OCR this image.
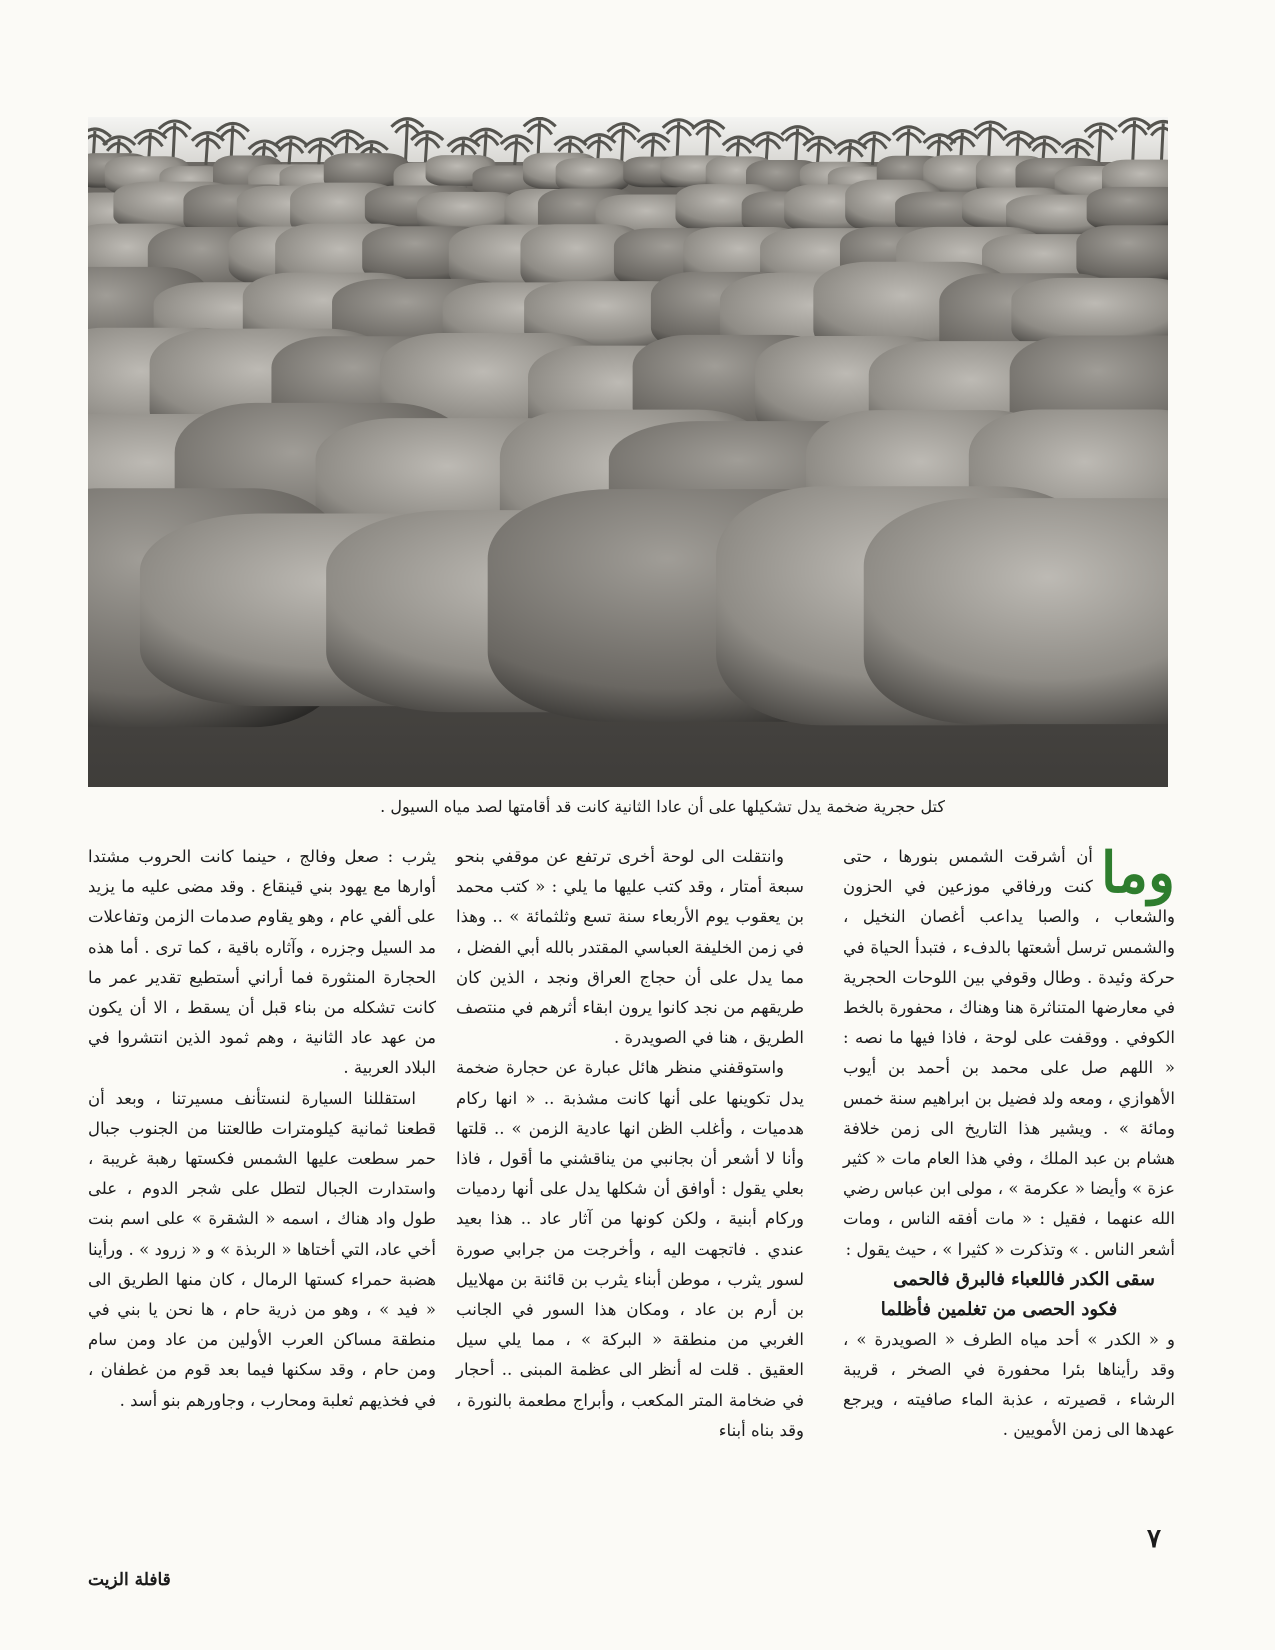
كتل حجرية ضخمة يدل تشكيلها على أن عادا الثانية كانت قد أقامتها لصد مياه السيول .
وما

أن أشرقت الشمس بنورها ، حتى كنت ورفاقي موزعين في الحزون والشعاب ، والصبا يداعب أغصان النخيل ، والشمس ترسل أشعتها بالدفء ، فتبدأ الحياة في حركة وئيدة . وطال وقوفي بين اللوحات الحجرية في معارضها المتناثرة هنا وهناك ، محفورة بالخط الكوفي . ووقفت على لوحة ، فاذا فيها ما نصه : « اللهم صل على محمد بن أحمد بن أيوب الأهوازي ، ومعه ولد فضيل بن ابراهيم سنة خمس ومائة » . ويشير هذا التاريخ الى زمن خلافة هشام بن عبد الملك ، وفي هذا العام مات « كثير عزة » وأيضا « عكرمة » ، مولى ابن عباس رضي الله عنهما ، فقيل : « مات أفقه الناس ، ومات أشعر الناس . » وتذكرت « كثيرا » ، حيث يقول :

سقى الكدر فاللعباء فالبرق فالحمى

فكود الحصى من تغلمين فأظلما

و « الكدر » أحد مياه الطرف « الصويدرة » ، وقد رأيناها بئرا محفورة في الصخر ، قريبة الرشاء ، قصيرته ، عذبة الماء صافيته ، ويرجع عهدها الى زمن الأمويين .

وانتقلت الى لوحة أخرى ترتفع عن موقفي بنحو سبعة أمتار ، وقد كتب عليها ما يلي : « كتب محمد بن يعقوب يوم الأربعاء سنة تسع وثلثمائة » .. وهذا في زمن الخليفة العباسي المقتدر بالله أبي الفضل ، مما يدل على أن حجاج العراق ونجد ، الذين كان طريقهم من نجد كانوا يرون ابقاء أثرهم في منتصف الطريق ، هنا في الصويدرة .

واستوقفني منظر هائل عبارة عن حجارة ضخمة يدل تكوينها على أنها كانت مشذبة .. « انها ركام هدميات ، وأغلب الظن انها عادية الزمن » .. قلتها وأنا لا أشعر أن بجانبي من يناقشني ما أقول ، فاذا بعلي يقول : أوافق أن شكلها يدل على أنها ردميات وركام أبنية ، ولكن كونها من آثار عاد .. هذا بعيد عندي . فاتجهت اليه ، وأخرجت من جرابي صورة لسور يثرب ، موطن أبناء يثرب بن قائنة بن مهلاييل بن أرم بن عاد ، ومكان هذا السور في الجانب الغربي من منطقة « البركة » ، مما يلي سيل العقيق . قلت له أنظر الى عظمة المبنى .. أحجار في ضخامة المتر المكعب ، وأبراج مطعمة بالنورة ، وقد بناه أبناء

يثرب : صعل وفالج ، حينما كانت الحروب مشتدا أوارها مع يهود بني قينقاع . وقد مضى عليه ما يزيد على ألفي عام ، وهو يقاوم صدمات الزمن وتفاعلات مد السيل وجزره ، وآثاره باقية ، كما ترى . أما هذه الحجارة المنثورة فما أراني أستطيع تقدير عمر ما كانت تشكله من بناء قبل أن يسقط ، الا أن يكون من عهد عاد الثانية ، وهم ثمود الذين انتشروا في البلاد العربية .

استقللنا السيارة لنستأنف مسيرتنا ، وبعد أن قطعنا ثمانية كيلومترات طالعتنا من الجنوب جبال حمر سطعت عليها الشمس فكستها رهبة غريبة ، واستدارت الجبال لتطل على شجر الدوم ، على طول واد هناك ، اسمه « الشقرة » على اسم بنت أخي عاد، التي أختاها « الربذة » و « زرود » . ورأينا هضبة حمراء كستها الرمال ، كان منها الطريق الى « فيد » ، وهو من ذرية حام ، ها نحن يا بني في منطقة مساكن العرب الأولين من عاد ومن سام ومن حام ، وقد سكنها فيما بعد قوم من غطفان ، في فخذيهم ثعلبة ومحارب ، وجاورهم بنو أسد .

٧
قافلة الزيت
